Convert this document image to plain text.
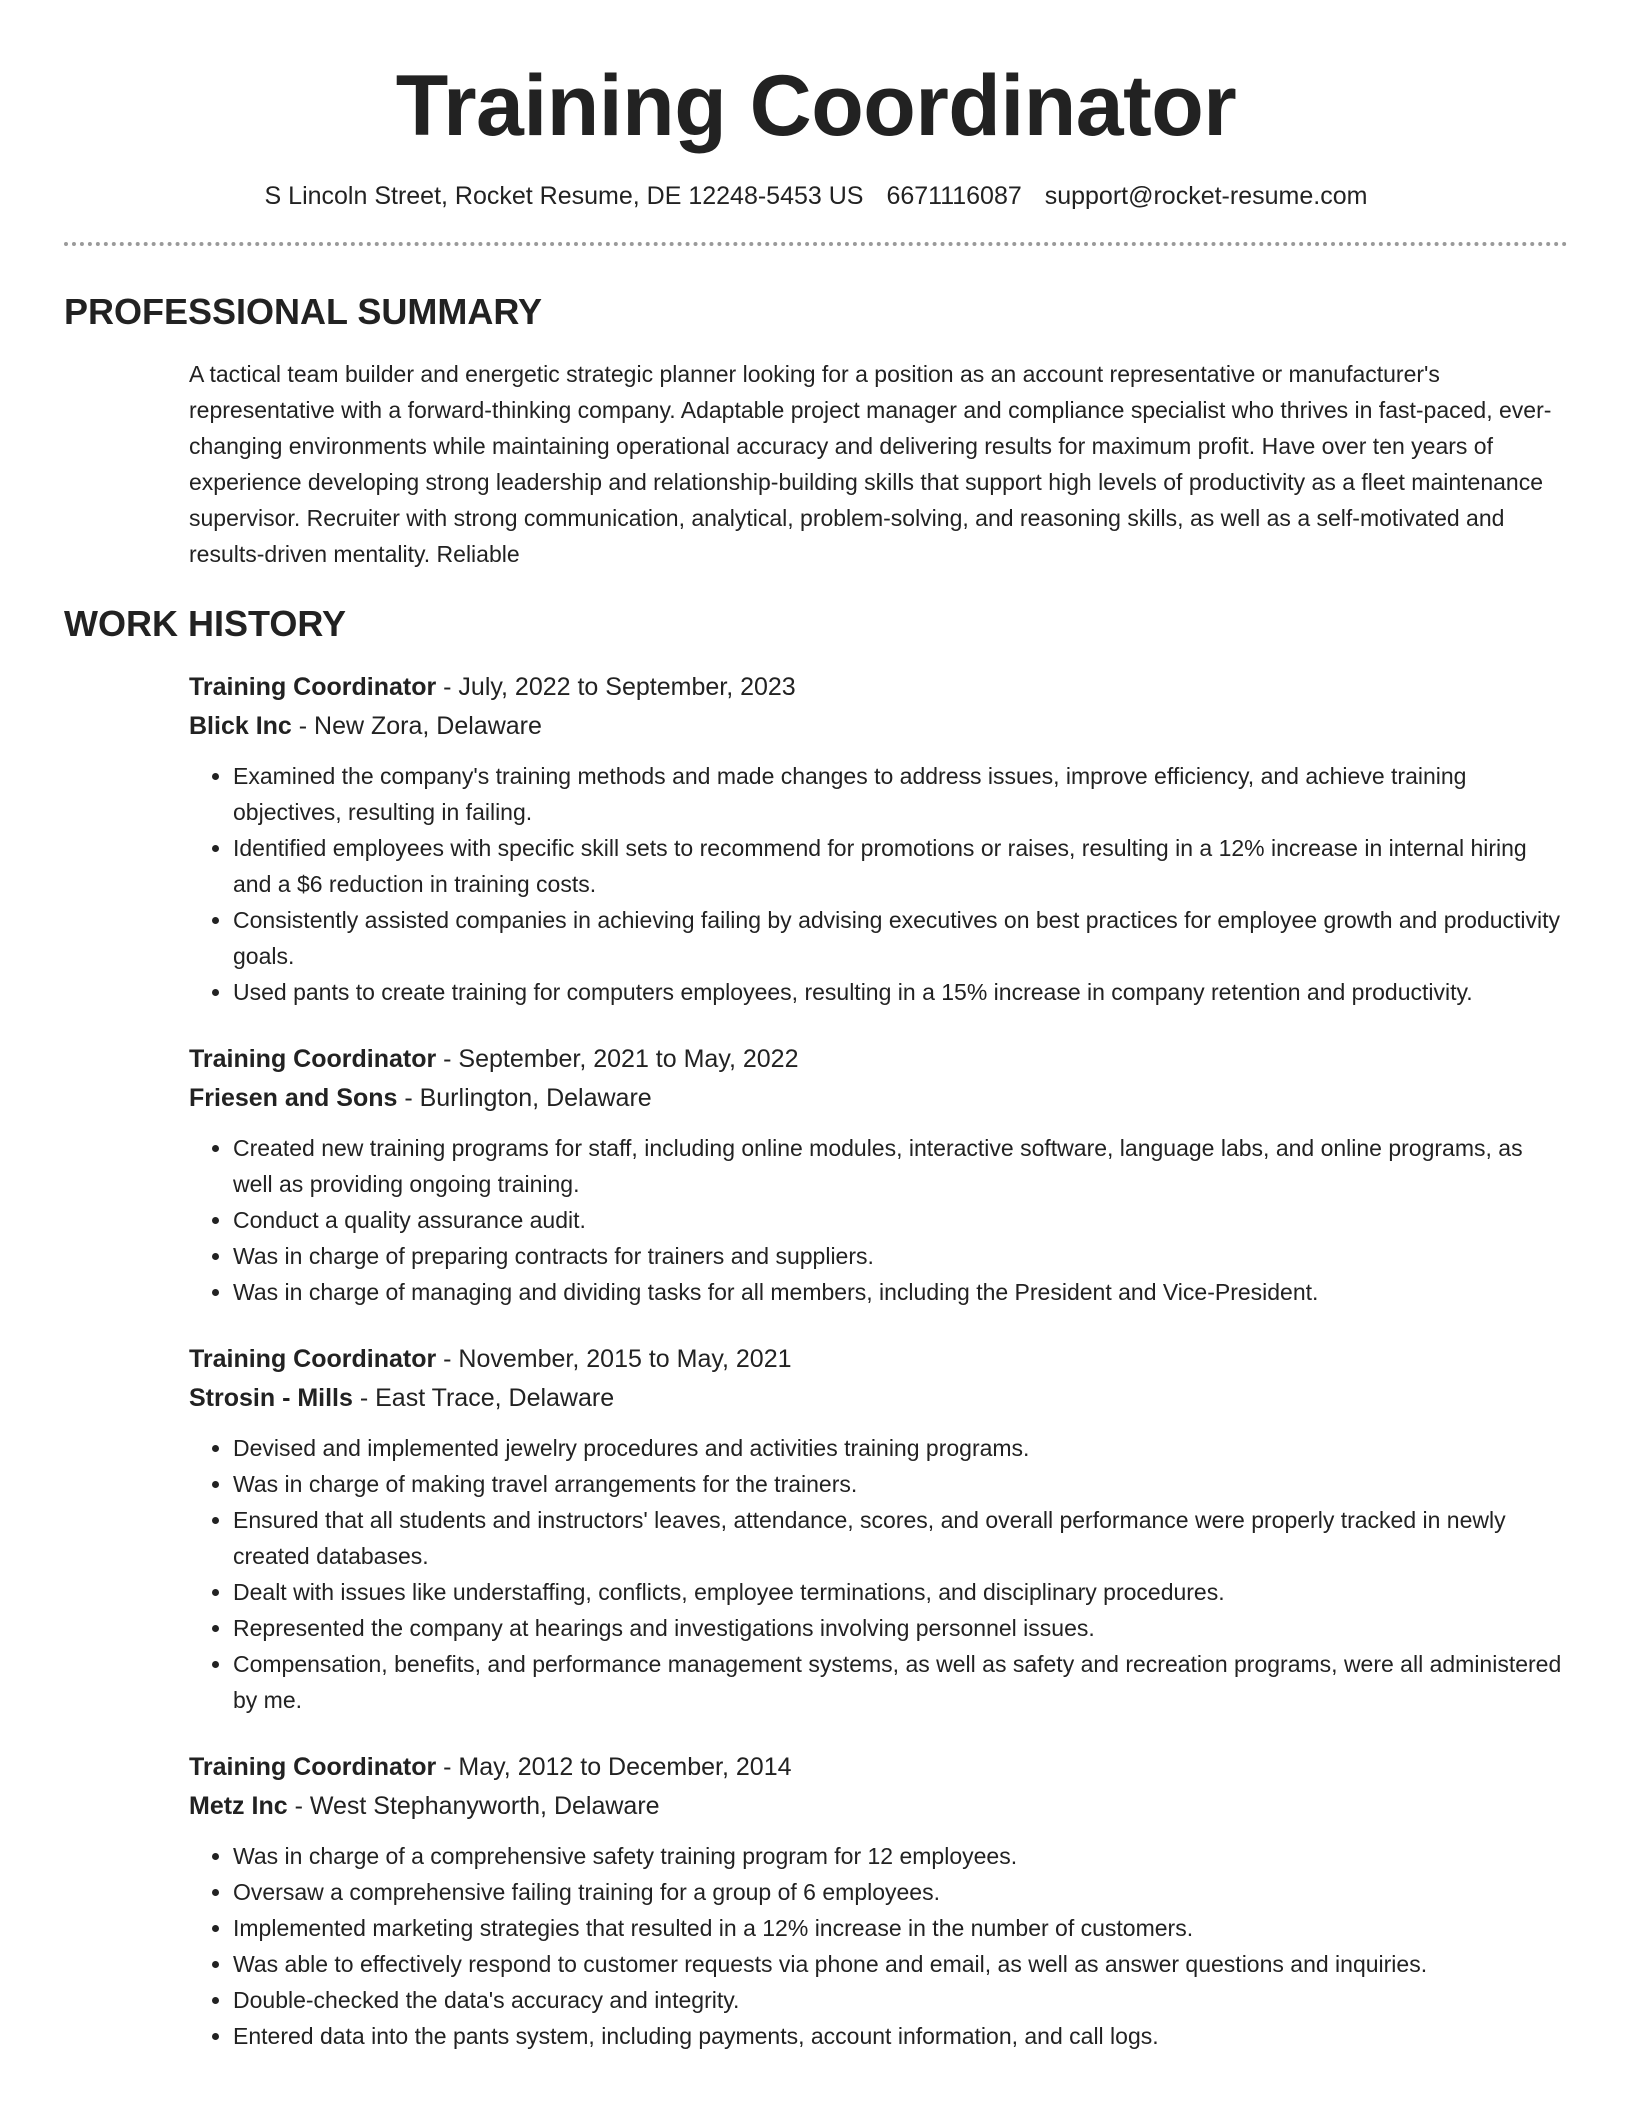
Training Coordinator
S Lincoln Street, Rocket Resume, DE 12248-5453 US 6671116087 support@rocket-resume.com
PROFESSIONAL SUMMARY
A tactical team builder and energetic strategic planner looking for a position as an account representative or manufacturer's representative with a forward-thinking company. Adaptable project manager and compliance specialist who thrives in fast-paced, ever-changing environments while maintaining operational accuracy and delivering results for maximum profit. Have over ten years of experience developing strong leadership and relationship-building skills that support high levels of productivity as a fleet maintenance supervisor. Recruiter with strong communication, analytical, problem-solving, and reasoning skills, as well as a self-motivated and results-driven mentality. Reliable
WORK HISTORY
Training Coordinator - July, 2022 to September, 2023
Blick Inc - New Zora, Delaware
• Examined the company's training methods and made changes to address issues, improve efficiency, and achieve training objectives, resulting in failing.
• Identified employees with specific skill sets to recommend for promotions or raises, resulting in a 12% increase in internal hiring and a $6 reduction in training costs.
• Consistently assisted companies in achieving failing by advising executives on best practices for employee growth and productivity goals.
• Used pants to create training for computers employees, resulting in a 15% increase in company retention and productivity.
Training Coordinator - September, 2021 to May, 2022
Friesen and Sons - Burlington, Delaware
• Created new training programs for staff, including online modules, interactive software, language labs, and online programs, as well as providing ongoing training.
• Conduct a quality assurance audit.
• Was in charge of preparing contracts for trainers and suppliers.
• Was in charge of managing and dividing tasks for all members, including the President and Vice-President.
Training Coordinator - November, 2015 to May, 2021
Strosin - Mills - East Trace, Delaware
• Devised and implemented jewelry procedures and activities training programs.
• Was in charge of making travel arrangements for the trainers.
• Ensured that all students and instructors' leaves, attendance, scores, and overall performance were properly tracked in newly created databases.
• Dealt with issues like understaffing, conflicts, employee terminations, and disciplinary procedures.
• Represented the company at hearings and investigations involving personnel issues.
• Compensation, benefits, and performance management systems, as well as safety and recreation programs, were all administered by me.
Training Coordinator - May, 2012 to December, 2014
Metz Inc - West Stephanyworth, Delaware
• Was in charge of a comprehensive safety training program for 12 employees.
• Oversaw a comprehensive failing training for a group of 6 employees.
• Implemented marketing strategies that resulted in a 12% increase in the number of customers.
• Was able to effectively respond to customer requests via phone and email, as well as answer questions and inquiries.
• Double-checked the data's accuracy and integrity.
• Entered data into the pants system, including payments, account information, and call logs.
